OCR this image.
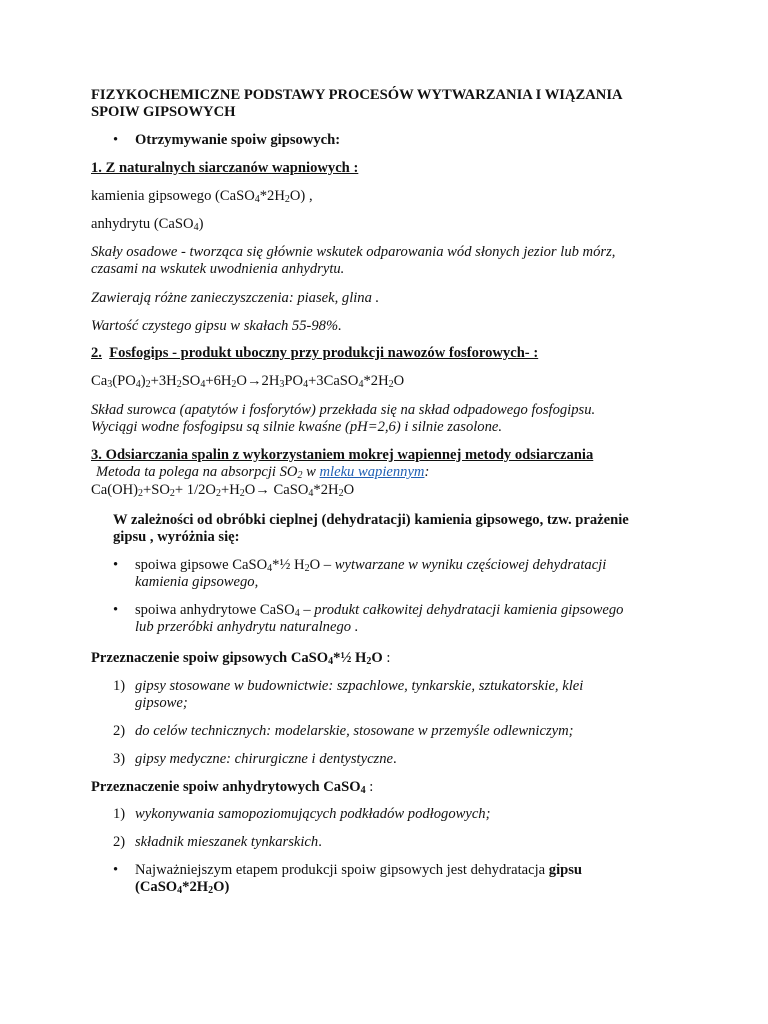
FIZYKOCHEMICZNE PODSTAWY PROCESÓW WYTWARZANIA I WIĄZANIA
SPOIW GIPSOWYCH
• Otrzymywanie spoiw gipsowych:
1. Z naturalnych siarczanów wapniowych :
kamienia gipsowego $(CaSO_4*2H_2O)$ ,
anhydrytu (CaSO$_4$)
Skały osadowe - tworząca się głównie wskutek odparowania wód słonych jezior lub mórz,
czasami na wskutek uwodnienia anhydrytu.
Zawierają różne zanieczyszczenia: piasek, glina .
Wartość czystego gipsu w skałach 55-98%.
2. Fosfogips - produkt uboczny przy produkcji nawozów fosforowych- :
$Ca_3(PO_4)_2+3H_2SO_4+6H_2O\to 2H_3PO_4+3CaSO_4*2H_2O$
Skład surowca (apatytów i fosforytów) przekłada się na skład odpadowego fosfogipsu.
Wyciągi wodne fosfogipsu są silnie kwaśne (pH=2,6) i silnie zasolone.
3. Odsiarczania spalin z wykorzystaniem mokrej wapiennej metody odsiarczania
Metoda ta polega na absorpcji $SO_2$ w mleku wapiennym:
$Ca(OH)_2+SO_2+ 1/2O_2+H_2O\to$ $CaSO_4*2H_2O$
W zależności od obróbki cieplnej (dehydratacji) kamienia gipsowego, tzw. prażenie
gipsu , wyróżnia się:
• spoiwa gipsowe CaSO$_4$*½ $H_2O$ – wytwarzane w wyniku częściowej dehydratacji
kamienia gipsowego,
• spoiwa anhydrytowe CaSO$_4$ – produkt całkowitej dehydratacji kamienia gipsowego
lub przeróbki anhydrytu naturalnego .
Przeznaczenie spoiw gipsowych CaSO$_4$*½ $H_2O$ :
1) gipsy stosowane w budownictwie: szpachlowe, tynkarskie, sztukatorskie, klei
gipsowe;
2) do celów technicznych: modelarskie, stosowane w przemyśle odlewniczym;
3) gipsy medyczne: chirurgiczne i dentystyczne.
Przeznaczenie spoiw anhydrytowych CaSO$_4$ :
1) wykonywania samopoziomujących podkładów podłogowych;
2) składnik mieszanek tynkarskich.
• Najważniejszym etapem produkcji spoiw gipsowych jest dehydratacja gipsu
$(CaSO_4*2H_2O)$
